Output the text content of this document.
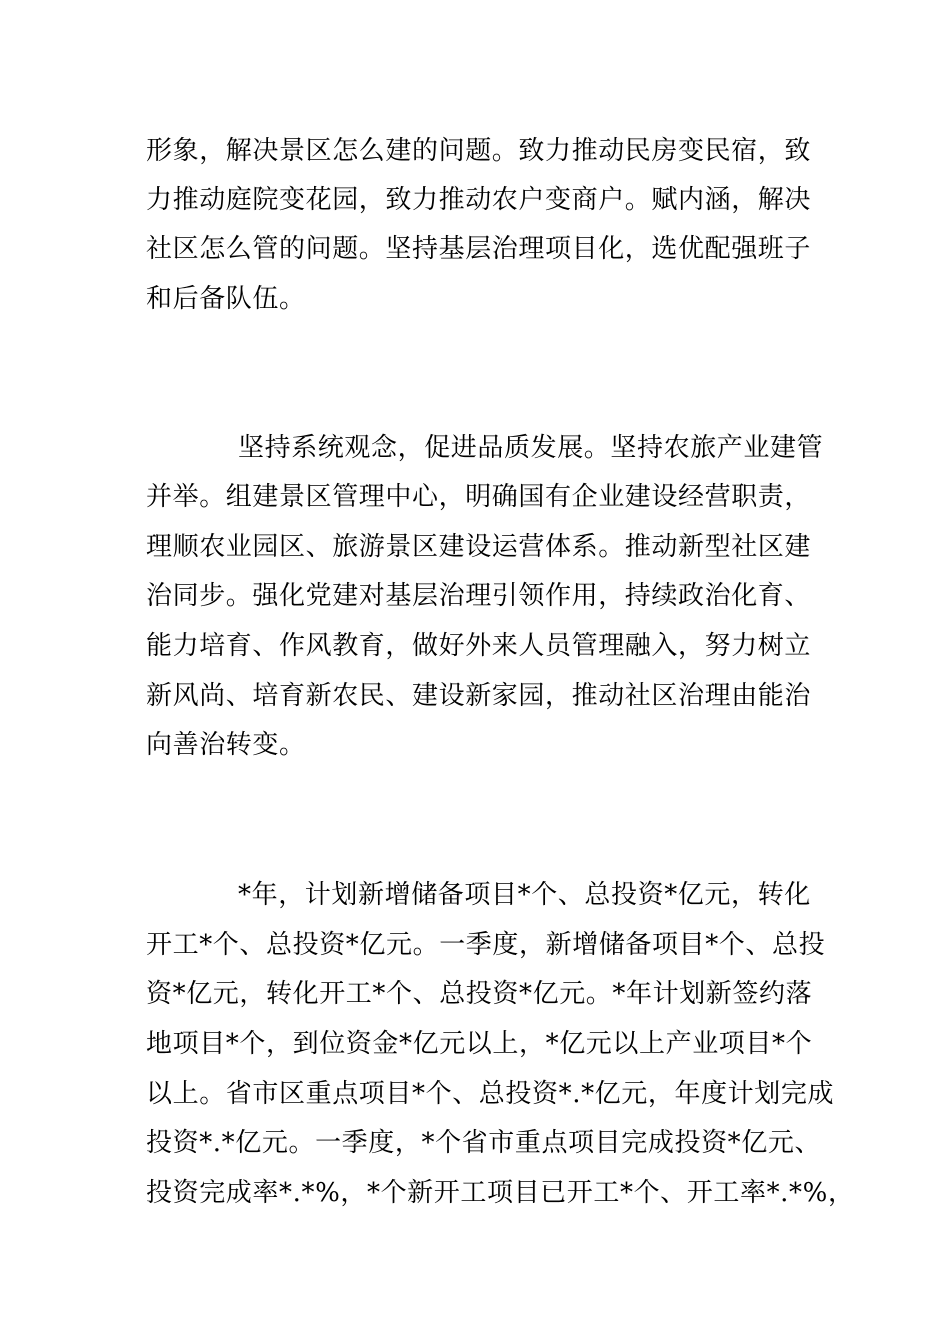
形象，解决景区怎么建的问题。致力推动民房变民宿，致
力推动庭院变花园，致力推动农户变商户。赋内涵，解决
社区怎么管的问题。坚持基层治理项目化，选优配强班子
和后备队伍。
坚持系统观念，促进品质发展。坚持农旅产业建管
并举。组建景区管理中心，明确国有企业建设经营职责，
理顺农业园区、旅游景区建设运营体系。推动新型社区建
治同步。强化党建对基层治理引领作用，持续政治化育、
能力培育、作风教育，做好外来人员管理融入，努力树立
新风尚、培育新农民、建设新家园，推动社区治理由能治
向善治转变。
*年，计划新增储备项目*个、总投资*亿元，转化
开工*个、总投资*亿元。一季度，新增储备项目*个、总投
资*亿元，转化开工*个、总投资*亿元。*年计划新签约落
地项目*个，到位资金*亿元以上，*亿元以上产业项目*个
以上。省市区重点项目*个、总投资*.*亿元，年度计划完成
投资*.*亿元。一季度，*个省市重点项目完成投资*亿元、
投资完成率*.*%，*个新开工项目已开工*个、开工率*.*%，
